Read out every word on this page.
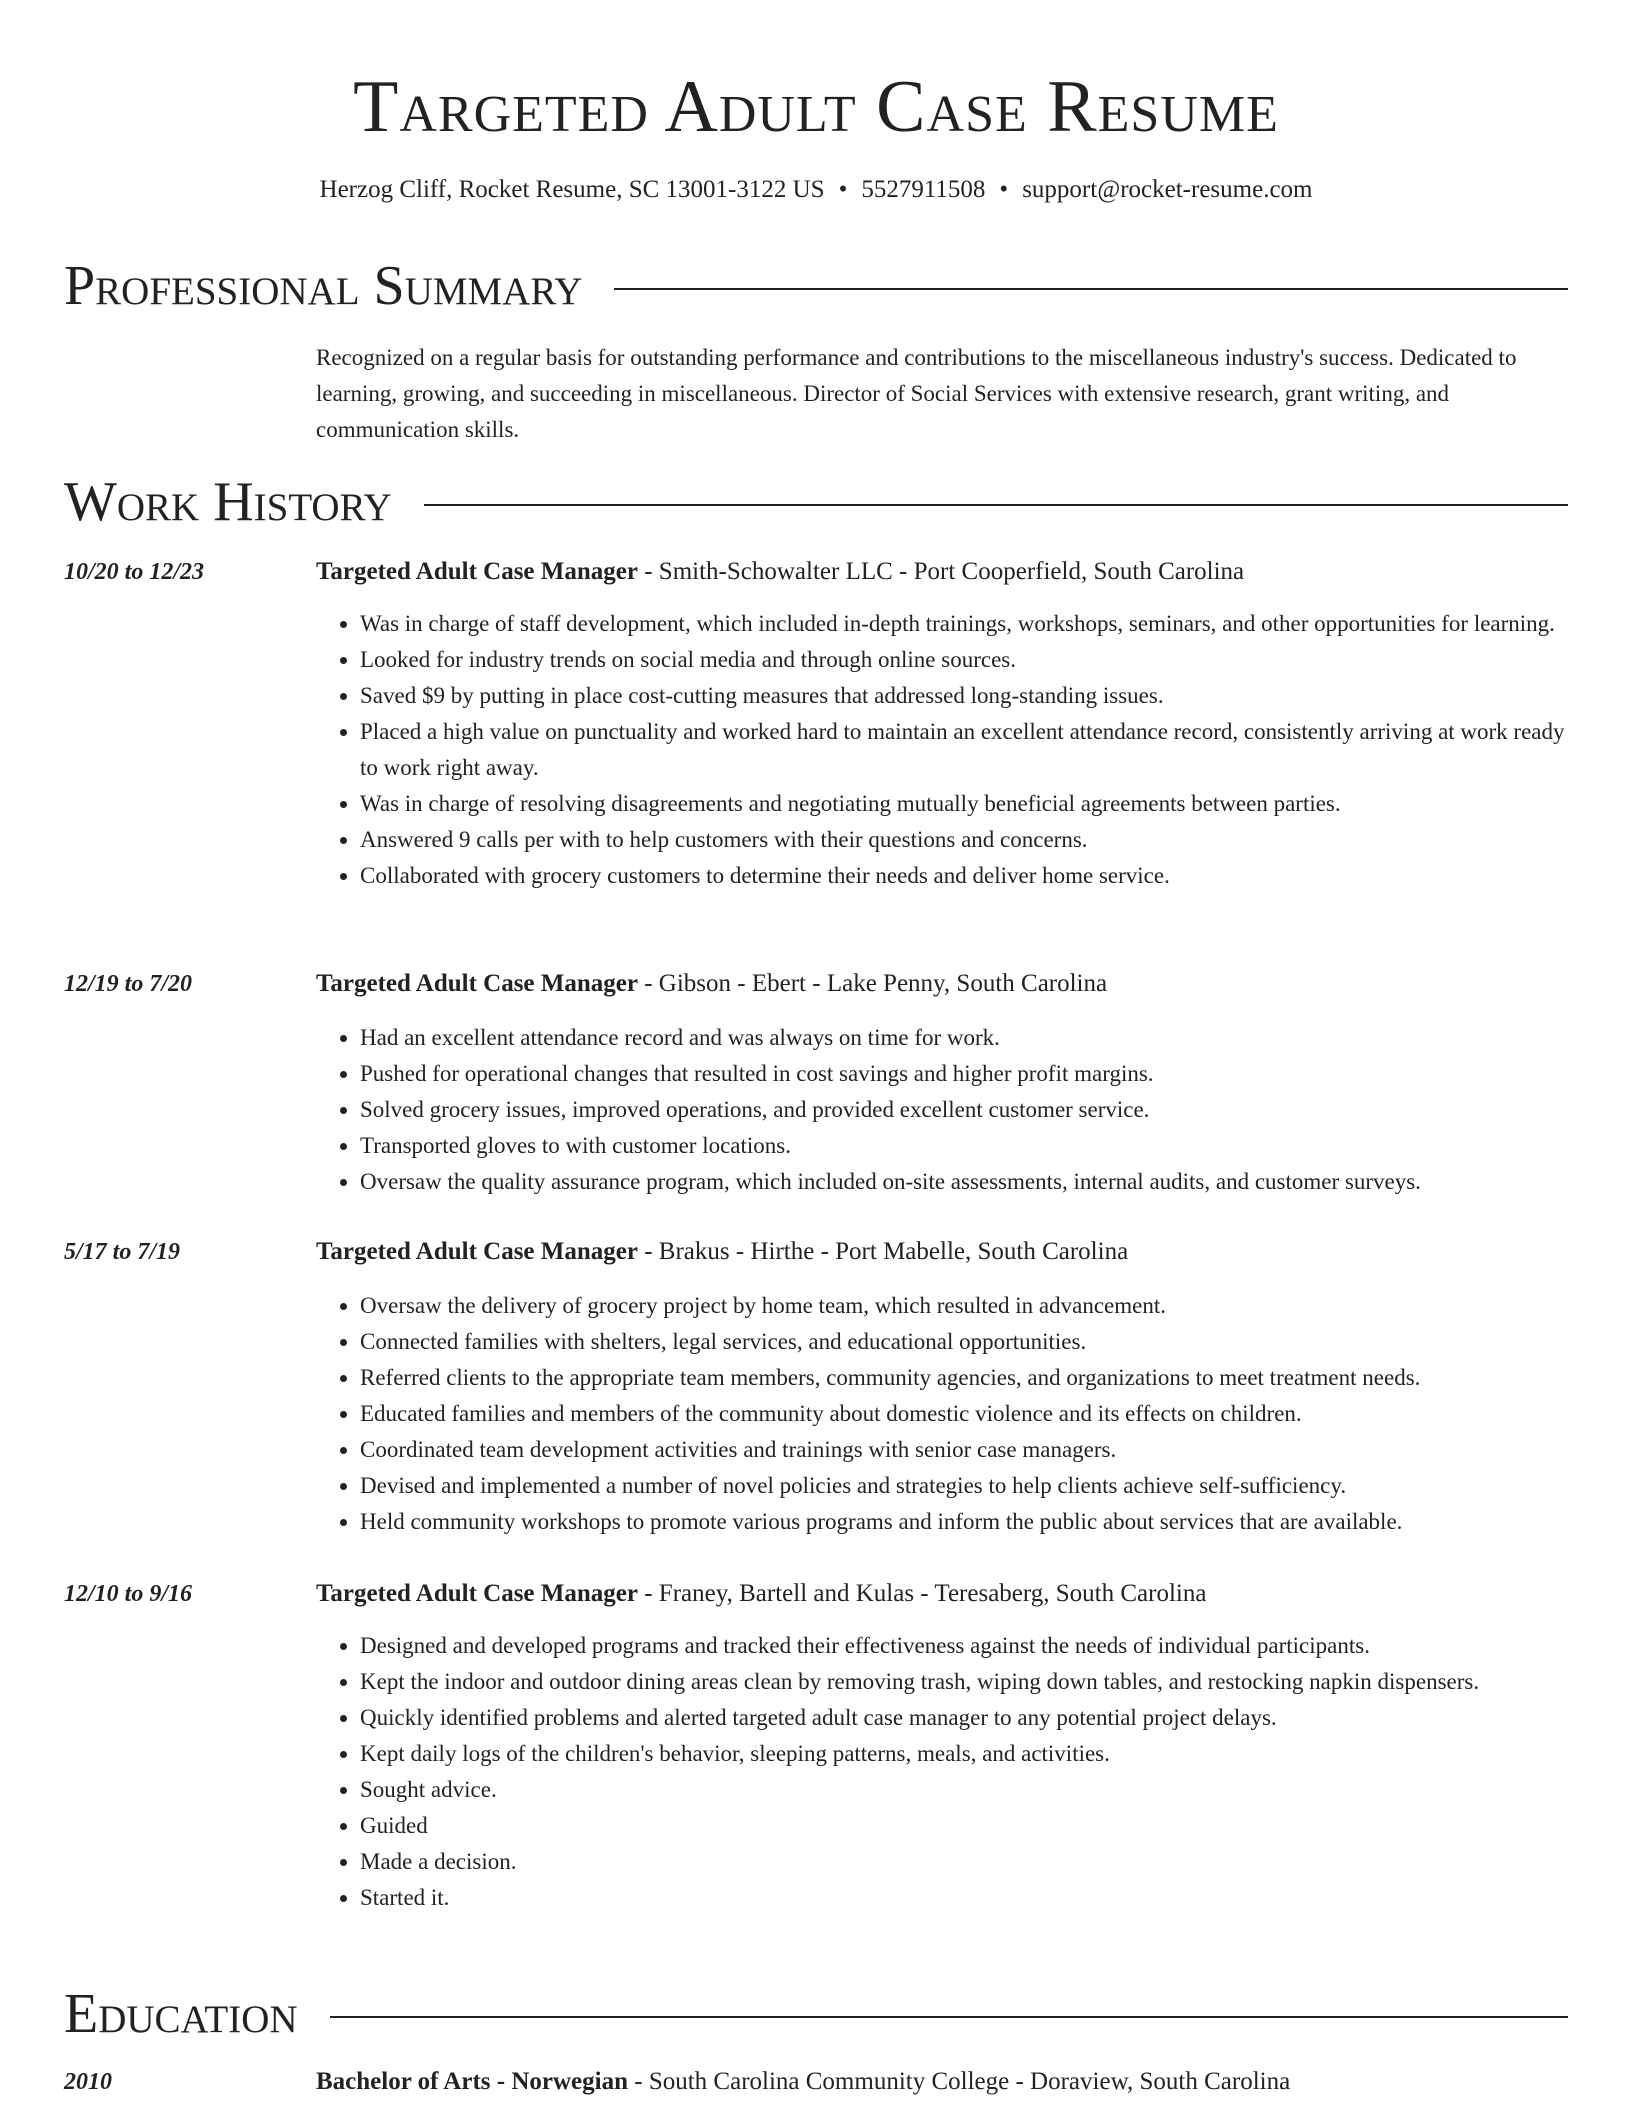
Targeted Adult Case Resume
Herzog Cliff, Rocket Resume, SC 13001-3122 US • 5527911508 • support@rocket-resume.com
Professional Summary

Recognized on a regular basis for outstanding performance and contributions to the miscellaneous industry's success. Dedicated to learning, growing, and succeeding in miscellaneous. Director of Social Services with extensive research, grant writing, and communication skills.

Work History
10/20 to 12/23	Targeted Adult Case Manager - Smith-Schowalter LLC - Port Cooperfield, South Carolina
• Was in charge of staff development, which included in-depth trainings, workshops, seminars, and other opportunities for learning.
• Looked for industry trends on social media and through online sources.
• Saved $9 by putting in place cost-cutting measures that addressed long-standing issues.
• Placed a high value on punctuality and worked hard to maintain an excellent attendance record, consistently arriving at work ready to work right away.
• Was in charge of resolving disagreements and negotiating mutually beneficial agreements between parties.
• Answered 9 calls per with to help customers with their questions and concerns.
• Collaborated with grocery customers to determine their needs and deliver home service.
12/19 to 7/20	Targeted Adult Case Manager - Gibson - Ebert - Lake Penny, South Carolina
• Had an excellent attendance record and was always on time for work.
• Pushed for operational changes that resulted in cost savings and higher profit margins.
• Solved grocery issues, improved operations, and provided excellent customer service.
• Transported gloves to with customer locations.
• Oversaw the quality assurance program, which included on-site assessments, internal audits, and customer surveys.
5/17 to 7/19	Targeted Adult Case Manager - Brakus - Hirthe - Port Mabelle, South Carolina
• Oversaw the delivery of grocery project by home team, which resulted in advancement.
• Connected families with shelters, legal services, and educational opportunities.
• Referred clients to the appropriate team members, community agencies, and organizations to meet treatment needs.
• Educated families and members of the community about domestic violence and its effects on children.
• Coordinated team development activities and trainings with senior case managers.
• Devised and implemented a number of novel policies and strategies to help clients achieve self-sufficiency.
• Held community workshops to promote various programs and inform the public about services that are available.
12/10 to 9/16	Targeted Adult Case Manager - Franey, Bartell and Kulas - Teresaberg, South Carolina
• Designed and developed programs and tracked their effectiveness against the needs of individual participants.
• Kept the indoor and outdoor dining areas clean by removing trash, wiping down tables, and restocking napkin dispensers.
• Quickly identified problems and alerted targeted adult case manager to any potential project delays.
• Kept daily logs of the children's behavior, sleeping patterns, meals, and activities.
• Sought advice.
• Guided
• Made a decision.
• Started it.
Education
2010	Bachelor of Arts - Norwegian - South Carolina Community College - Doraview, South Carolina
